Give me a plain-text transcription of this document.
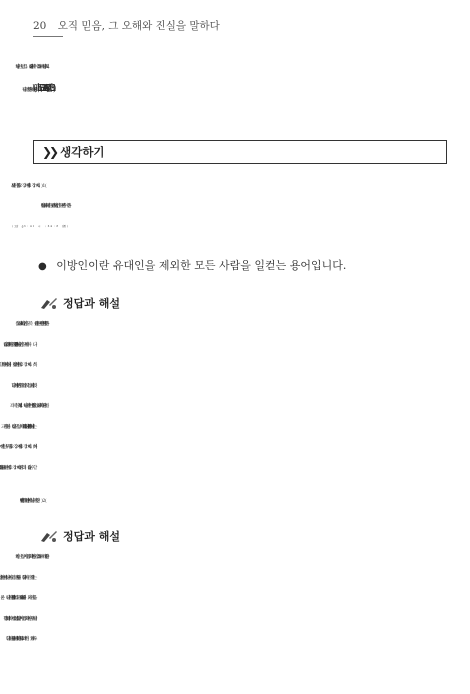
20 오직 믿음, 그 오해와 진실을 말하다
(막 16:16; 요 3:16-18; 6:47; 행 16:31).
❯❯ 생각하기
● 이방인이란 유대인을 제외한 모든 사람을 일컫는 용어입니다.
정답과 해설
정답과 해설
